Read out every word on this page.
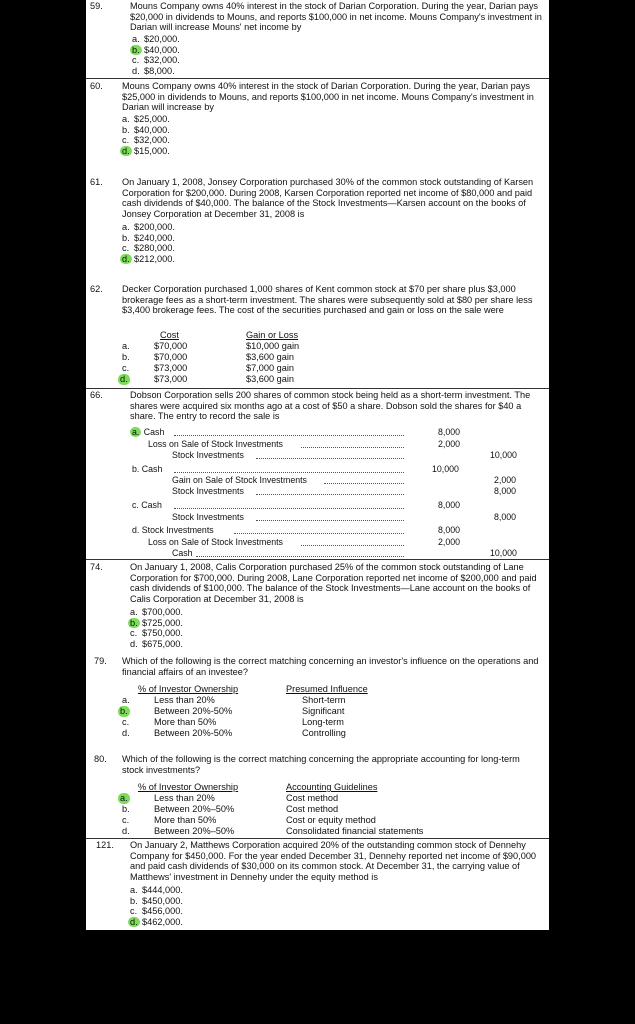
59.	Mouns Company owns 40% interest in the stock of Darian Corporation. During the year, Darian pays $20,000 in dividends to Mouns, and reports $100,000 in net income. Mouns Company's investment in Darian will increase Mouns' net income by
a. $20,000.
b. $40,000.
c. $32,000.
d. $8,000.
60.	Mouns Company owns 40% interest in the stock of Darian Corporation. During the year, Darian pays $25,000 in dividends to Mouns, and reports $100,000 in net income. Mouns Company's investment in Darian will increase by
a. $25,000.
b. $40,000.
c. $32,000.
d. $15,000.
61.	On January 1, 2008, Jonsey Corporation purchased 30% of the common stock outstanding of Karsen Corporation for $200,000. During 2008, Karsen Corporation reported net income of $80,000 and paid cash dividends of $40,000. The balance of the Stock Investments—Karsen account on the books of Jonsey Corporation at December 31, 2008 is
a. $200,000.
b. $240,000.
c. $280,000.
d. $212,000.
62.	Decker Corporation purchased 1,000 shares of Kent common stock at $70 per share plus $3,000 brokerage fees as a short-term investment. The shares were subsequently sold at $80 per share less $3,400 brokerage fees. The cost of the securities purchased and gain or loss on the sale were
Cost	Gain or Loss
a.	$70,000	$10,000 gain
b.	$70,000	$3,600 gain
c.	$73,000	$7,000 gain
d.	$73,000	$3,600 gain
66.	Dobson Corporation sells 200 shares of common stock being held as a short-term investment. The shares were acquired six months ago at a cost of $50 a share. Dobson sold the shares for $40 a share. The entry to record the sale is
a. Cash	8,000
Loss on Sale of Stock Investments	2,000
Stock Investments	10,000
b. Cash	10,000
Gain on Sale of Stock Investments	2,000
Stock Investments	8,000
c. Cash	8,000
Stock Investments	8,000
d. Stock Investments	8,000
Loss on Sale of Stock Investments	2,000
Cash	10,000
74.	On January 1, 2008, Calis Corporation purchased 25% of the common stock outstanding of Lane Corporation for $700,000. During 2008, Lane Corporation reported net income of $200,000 and paid cash dividends of $100,000. The balance of the Stock Investments—Lane account on the books of Calis Corporation at December 31, 2008 is
a. $700,000.
b. $725,000.
c. $750,000.
d. $675,000.
79.	Which of the following is the correct matching concerning an investor's influence on the operations and financial affairs of an investee?
% of Investor Ownership	Presumed Influence
a.	Less than 20%	Short-term
b.	Between 20%-50%	Significant
c.	More than 50%	Long-term
d.	Between 20%-50%	Controlling
80.	Which of the following is the correct matching concerning the appropriate accounting for long-term stock investments?
% of Investor Ownership	Accounting Guidelines
a.	Less than 20%	Cost method
b.	Between 20%–50%	Cost method
c.	More than 50%	Cost or equity method
d.	Between 20%–50%	Consolidated financial statements
121.	On January 2, Matthews Corporation acquired 20% of the outstanding common stock of Dennehy Company for $450,000. For the year ended December 31, Dennehy reported net income of $90,000 and paid cash dividends of $30,000 on its common stock. At December 31, the carrying value of Matthews' investment in Dennehy under the equity method is
a. $444,000.
b. $450,000.
c. $456,000.
d. $462,000.
